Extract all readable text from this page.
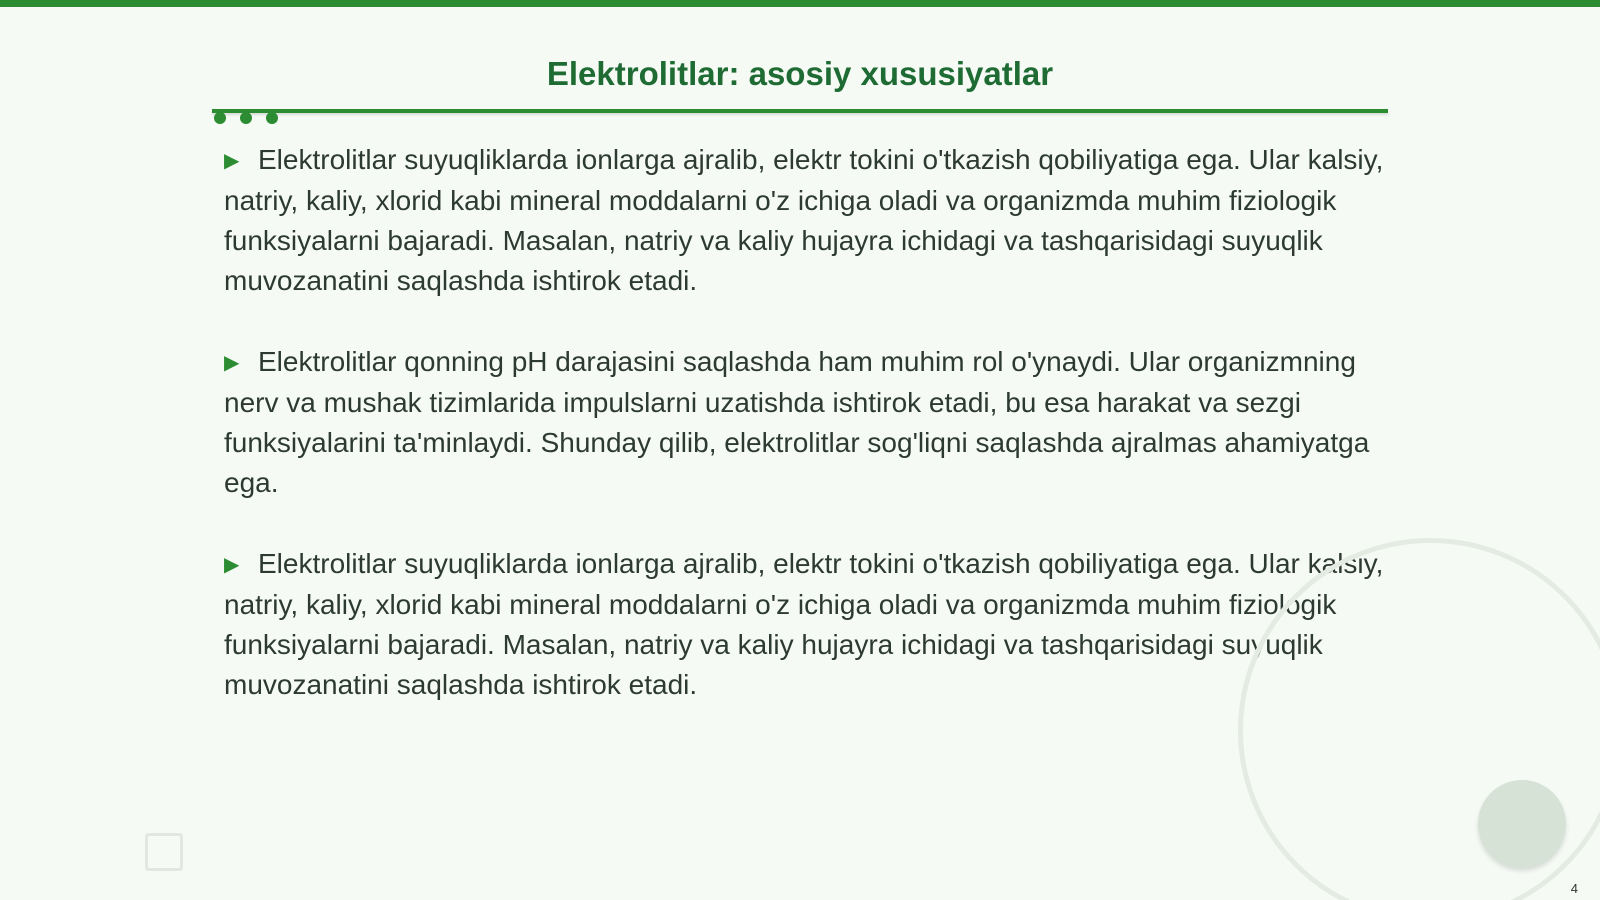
Elektrolitlar: asosiy xususiyatlar

▶ Elektrolitlar suyuqliklarda ionlarga ajralib, elektr tokini o'tkazish qobiliyatiga ega. Ular kalsiy, natriy, kaliy, xlorid kabi mineral moddalarni o'z ichiga oladi va organizmda muhim fiziologik funksiyalarni bajaradi. Masalan, natriy va kaliy hujayra ichidagi va tashqarisidagi suyuqlik muvozanatini saqlashda ishtirok etadi.

▶ Elektrolitlar qonning pH darajasini saqlashda ham muhim rol o'ynaydi. Ular organizmning nerv va mushak tizimlarida impulslarni uzatishda ishtirok etadi, bu esa harakat va sezgi funksiyalarini ta'minlaydi. Shunday qilib, elektrolitlar sog'liqni saqlashda ajralmas ahamiyatga ega.

▶ Elektrolitlar suyuqliklarda ionlarga ajralib, elektr tokini o'tkazish qobiliyatiga ega. Ular kalsiy, natriy, kaliy, xlorid kabi mineral moddalarni o'z ichiga oladi va organizmda muhim fiziologik funksiyalarni bajaradi. Masalan, natriy va kaliy hujayra ichidagi va tashqarisidagi suyuqlik muvozanatini saqlashda ishtirok etadi.

4
